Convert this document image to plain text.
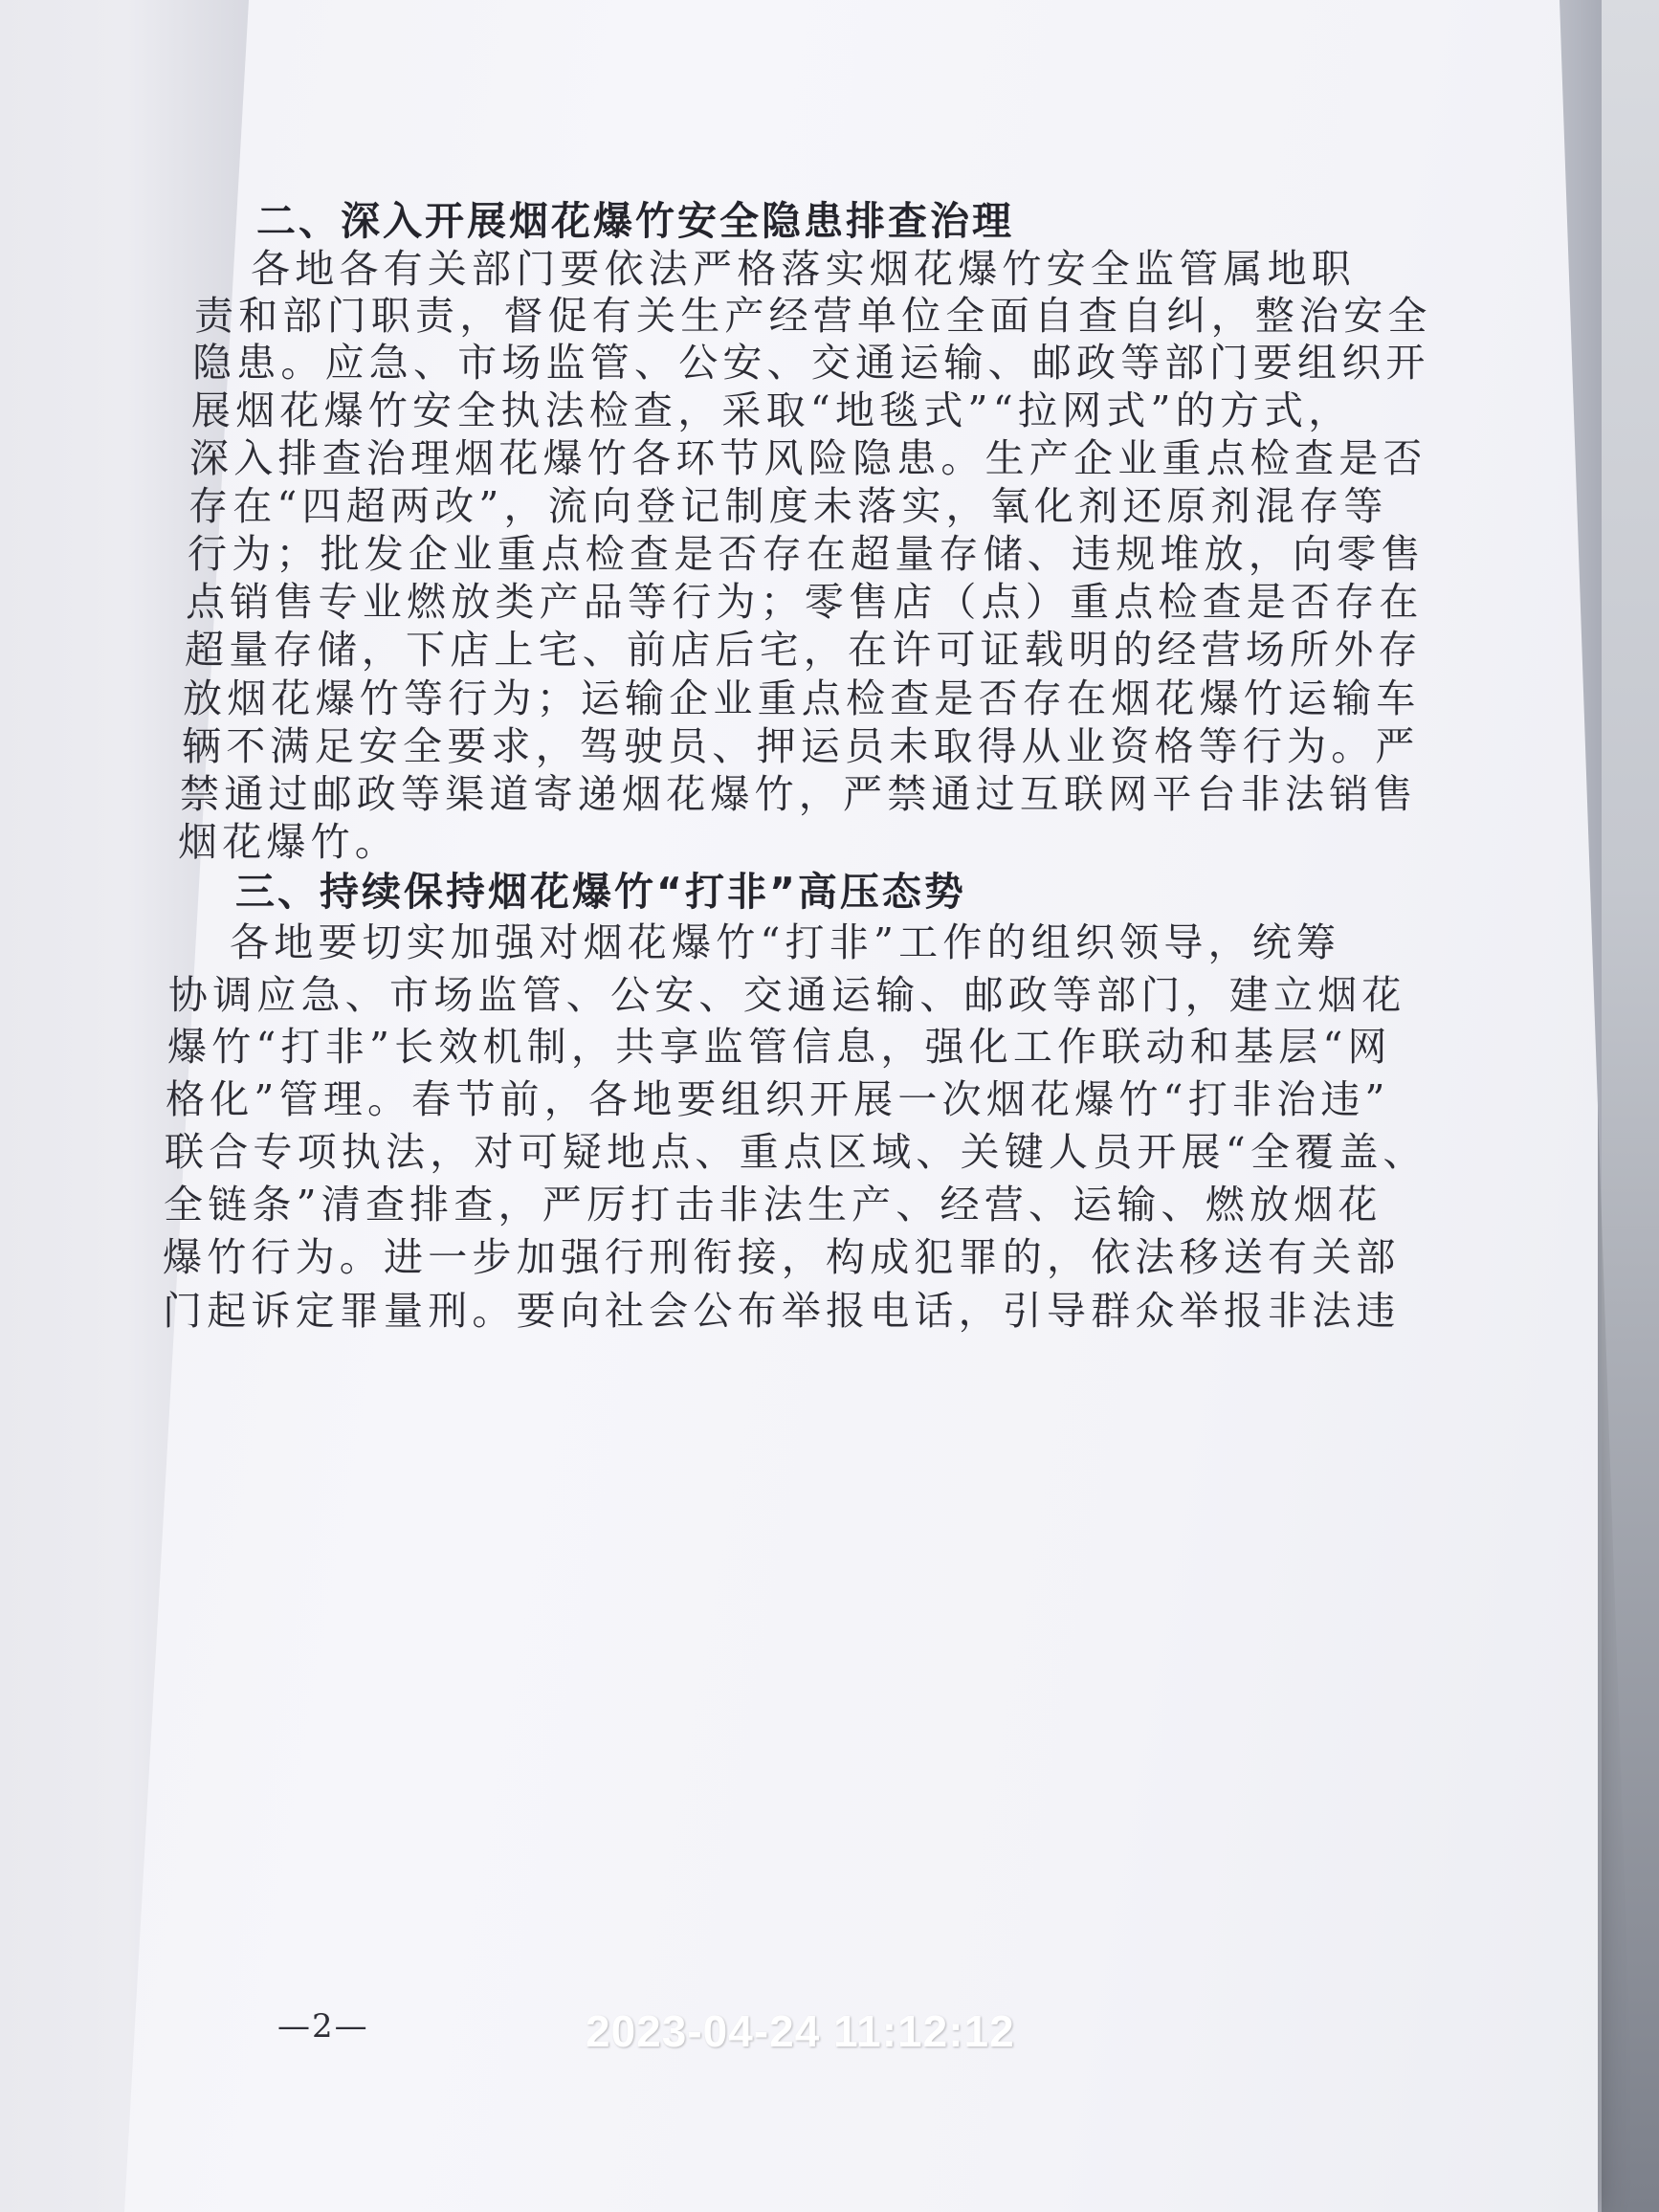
二、深入开展烟花爆竹安全隐患排查治理
各地各有关部门要依法严格落实烟花爆竹安全监管属地职
责和部门职责，督促有关生产经营单位全面自查自纠，整治安全
隐患。应急、市场监管、公安、交通运输、邮政等部门要组织开
展烟花爆竹安全执法检查，采取“地毯式”“拉网式”的方式，
深入排查治理烟花爆竹各环节风险隐患。生产企业重点检查是否
存在“四超两改”，流向登记制度未落实，氧化剂还原剂混存等
行为；批发企业重点检查是否存在超量存储、违规堆放，向零售
点销售专业燃放类产品等行为；零售店（点）重点检查是否存在
超量存储，下店上宅、前店后宅，在许可证载明的经营场所外存
放烟花爆竹等行为；运输企业重点检查是否存在烟花爆竹运输车
辆不满足安全要求，驾驶员、押运员未取得从业资格等行为。严
禁通过邮政等渠道寄递烟花爆竹，严禁通过互联网平台非法销售
烟花爆竹。
三、持续保持烟花爆竹“打非”高压态势
各地要切实加强对烟花爆竹“打非”工作的组织领导，统筹
协调应急、市场监管、公安、交通运输、邮政等部门，建立烟花
爆竹“打非”长效机制，共享监管信息，强化工作联动和基层“网
格化”管理。春节前，各地要组织开展一次烟花爆竹“打非治违”
联合专项执法，对可疑地点、重点区域、关键人员开展“全覆盖、
全链条”清查排查，严厉打击非法生产、经营、运输、燃放烟花
爆竹行为。进一步加强行刑衔接，构成犯罪的，依法移送有关部
门起诉定罪量刑。要向社会公布举报电话，引导群众举报非法违
—2—	2023-04-24 11:12:12
